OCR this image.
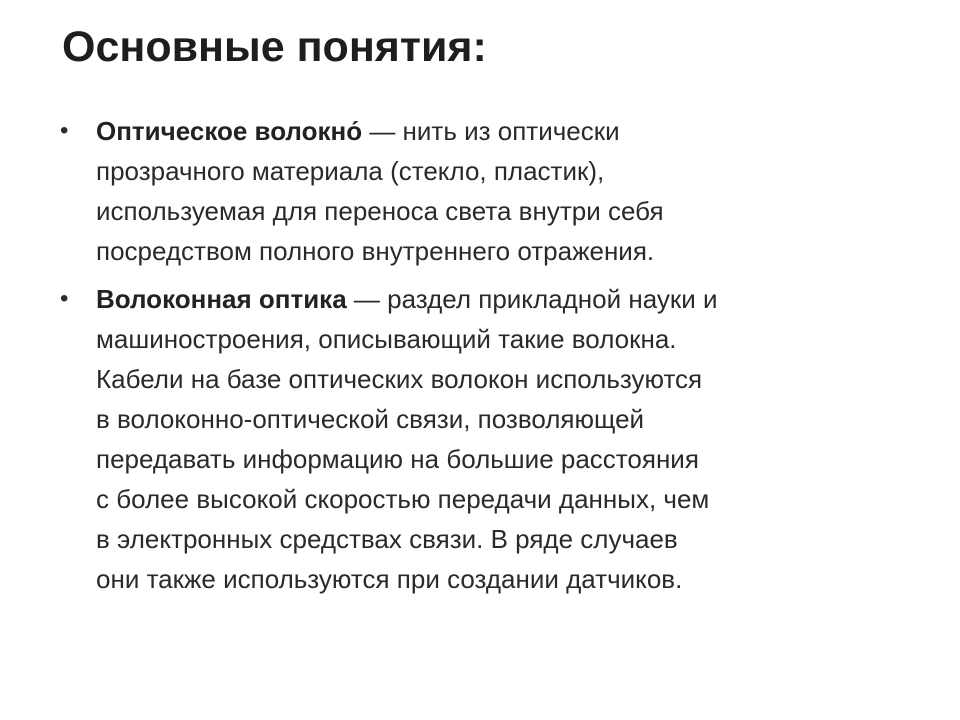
Основные понятия:
•	Оптическое волокно́ — нить из оптически
прозрачного материала (стекло, пластик),
используемая для переноса света внутри себя
посредством полного внутреннего отражения.
•	Волоконная оптика — раздел прикладной науки и
машиностроения, описывающий такие волокна.
Кабели на базе оптических волокон используются
в волоконно-оптической связи, позволяющей
передавать информацию на большие расстояния
с более высокой скоростью передачи данных, чем
в электронных средствах связи. В ряде случаев
они также используются при создании датчиков.
